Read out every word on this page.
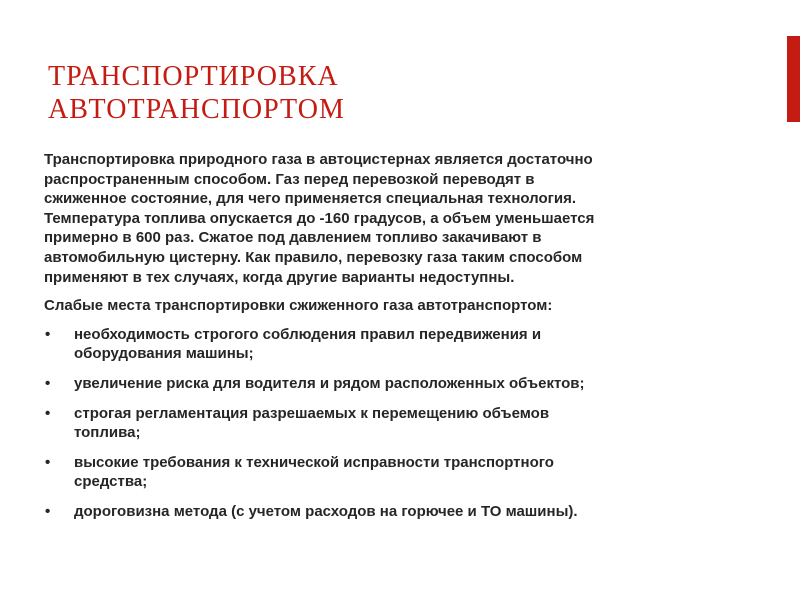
ТРАНСПОРТИРОВКА
АВТОТРАНСПОРТОМ

Транспортировка природного газа в автоцистернах является достаточно
распространенным способом. Газ перед перевозкой переводят в
сжиженное состояние, для чего применяется специальная технология.
Температура топлива опускается до -160 градусов, а объем уменьшается
примерно в 600 раз. Сжатое под давлением топливо закачивают в
автомобильную цистерну. Как правило, перевозку газа таким способом
применяют в тех случаях, когда другие варианты недоступны.

Слабые места транспортировки сжиженного газа автотранспортом:

• необходимость строгого соблюдения правил передвижения и
оборудования машины;
• увеличение риска для водителя и рядом расположенных объектов;
• строгая регламентация разрешаемых к перемещению объемов
топлива;
• высокие требования к технической исправности транспортного
средства;
• дороговизна метода (с учетом расходов на горючее и ТО машины).
